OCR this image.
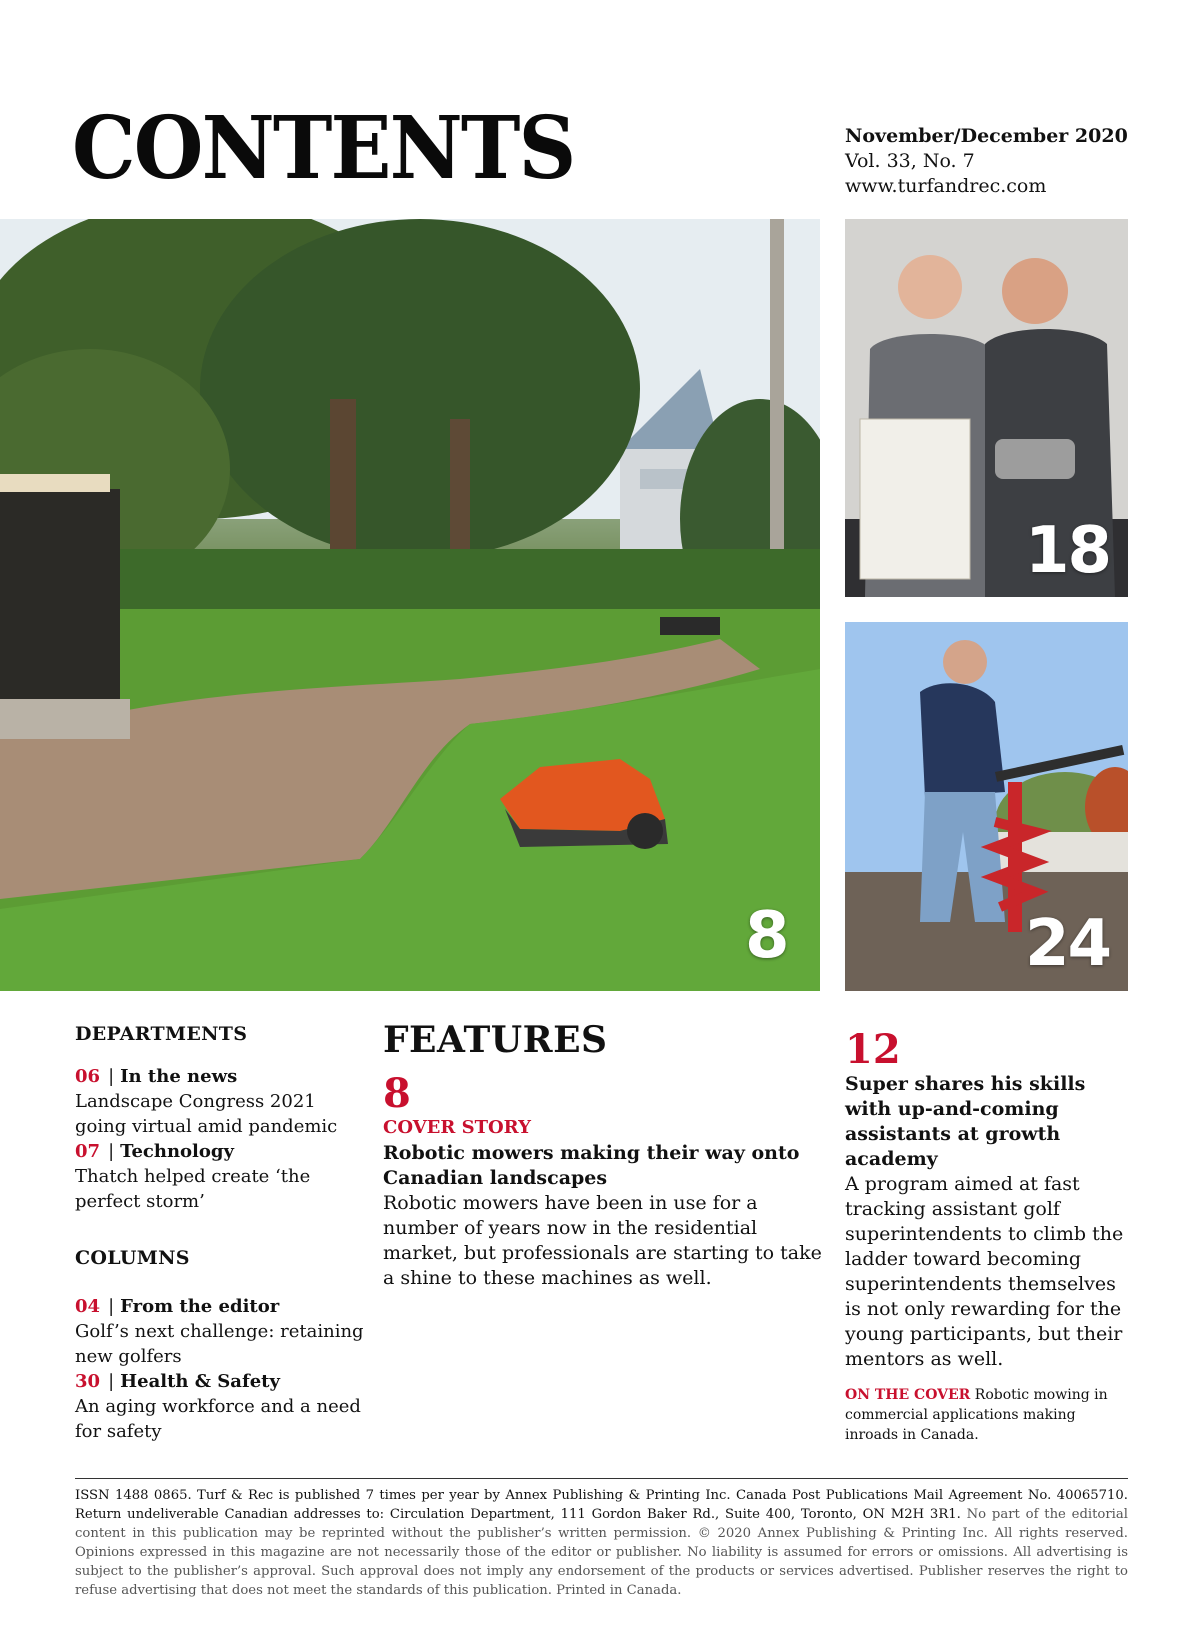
CONTENTS	November/December 2020
Vol. 33, No. 7
www.turfandrec.com
8
18
24
DEPARTMENTS
06 | In the news
Landscape Congress 2021 going virtual amid pandemic
07 | Technology
Thatch helped create ‘the perfect storm’
COLUMNS
04 | From the editor
Golf’s next challenge: retaining new golfers
30 | Health & Safety
An aging workforce and a need for safety
FEATURES
8
COVER STORY
Robotic mowers making their way onto Canadian landscapes
Robotic mowers have been in use for a number of years now in the residential market, but professionals are starting to take a shine to these machines as well.
12
Super shares his skills with up-and-coming assistants at growth academy
A program aimed at fast tracking assistant golf superintendents to climb the ladder toward becoming superintendents themselves is not only rewarding for the young participants, but their mentors as well.
ON THE COVER Robotic mowing in commercial applications making inroads in Canada.
ISSN 1488 0865. Turf & Rec is published 7 times per year by Annex Publishing & Printing Inc. Canada Post Publications Mail Agreement No. 40065710. Return undeliverable Canadian addresses to: Circulation Department, 111 Gordon Baker Rd., Suite 400, Toronto, ON M2H 3R1. No part of the editorial content in this publication may be reprinted without the publisher’s written permission. © 2020 Annex Publishing & Printing Inc. All rights reserved. Opinions expressed in this magazine are not necessarily those of the editor or publisher. No liability is assumed for errors or omissions. All advertising is subject to the publisher’s approval. Such approval does not imply any endorsement of the products or services advertised. Publisher reserves the right to refuse advertising that does not meet the standards of this publication. Printed in Canada.
